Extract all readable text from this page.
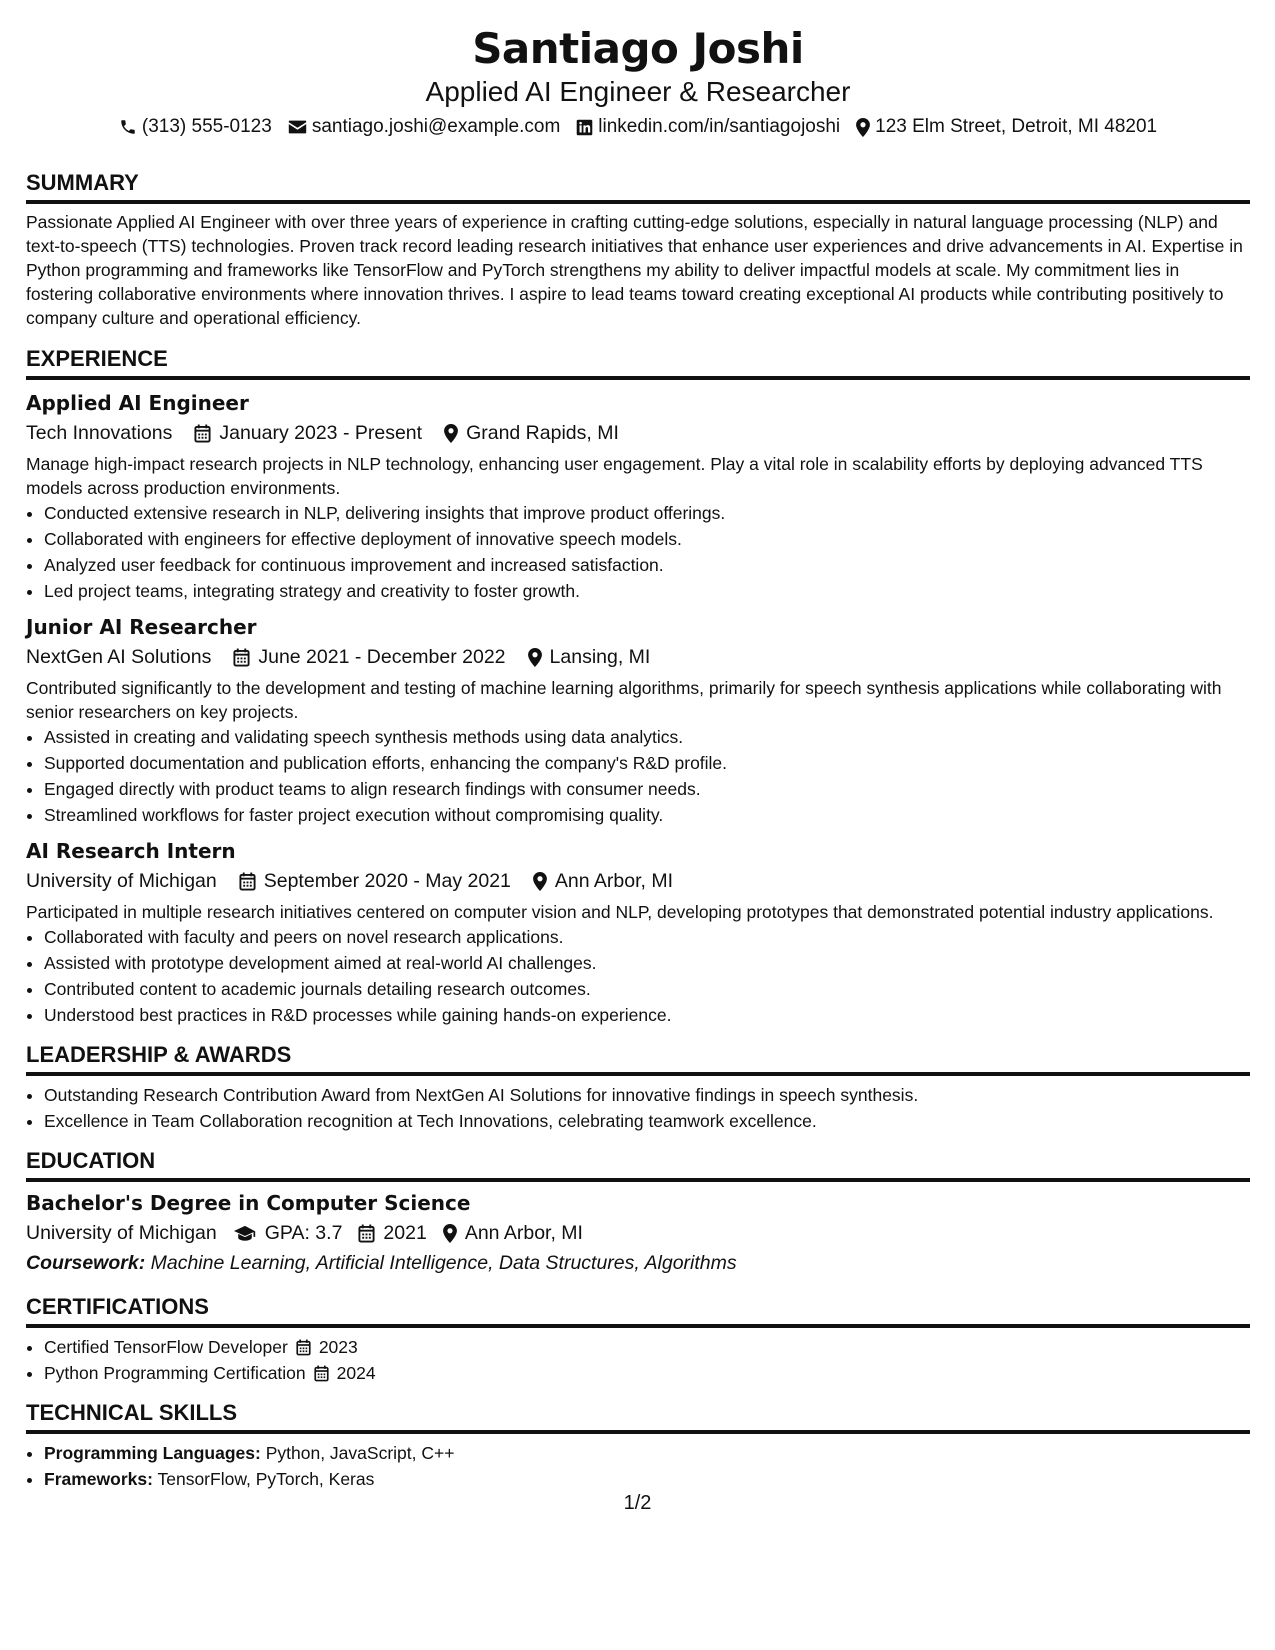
Santiago Joshi
Applied AI Engineer & Researcher
(313) 555-0123 santiago.joshi@example.com linkedin.com/in/santiagojoshi 123 Elm Street, Detroit, MI 48201
SUMMARY
Passionate Applied AI Engineer with over three years of experience in crafting cutting-edge solutions, especially in natural language processing (NLP) and text-to-speech (TTS) technologies. Proven track record leading research initiatives that enhance user experiences and drive advancements in AI. Expertise in Python programming and frameworks like TensorFlow and PyTorch strengthens my ability to deliver impactful models at scale. My commitment lies in fostering collaborative environments where innovation thrives. I aspire to lead teams toward creating exceptional AI products while contributing positively to company culture and operational efficiency.
EXPERIENCE
Applied AI Engineer
Tech Innovations January 2023 - Present Grand Rapids, MI
Manage high-impact research projects in NLP technology, enhancing user engagement. Play a vital role in scalability efforts by deploying advanced TTS models across production environments.
• Conducted extensive research in NLP, delivering insights that improve product offerings.
• Collaborated with engineers for effective deployment of innovative speech models.
• Analyzed user feedback for continuous improvement and increased satisfaction.
• Led project teams, integrating strategy and creativity to foster growth.
Junior AI Researcher
NextGen AI Solutions June 2021 - December 2022 Lansing, MI
Contributed significantly to the development and testing of machine learning algorithms, primarily for speech synthesis applications while collaborating with senior researchers on key projects.
• Assisted in creating and validating speech synthesis methods using data analytics.
• Supported documentation and publication efforts, enhancing the company's R&D profile.
• Engaged directly with product teams to align research findings with consumer needs.
• Streamlined workflows for faster project execution without compromising quality.
AI Research Intern
University of Michigan September 2020 - May 2021 Ann Arbor, MI
Participated in multiple research initiatives centered on computer vision and NLP, developing prototypes that demonstrated potential industry applications.
• Collaborated with faculty and peers on novel research applications.
• Assisted with prototype development aimed at real-world AI challenges.
• Contributed content to academic journals detailing research outcomes.
• Understood best practices in R&D processes while gaining hands-on experience.
LEADERSHIP & AWARDS
• Outstanding Research Contribution Award from NextGen AI Solutions for innovative findings in speech synthesis.
• Excellence in Team Collaboration recognition at Tech Innovations, celebrating teamwork excellence.
EDUCATION
Bachelor's Degree in Computer Science
University of Michigan GPA: 3.7 2021 Ann Arbor, MI
Coursework: Machine Learning, Artificial Intelligence, Data Structures, Algorithms
CERTIFICATIONS
• Certified TensorFlow Developer 2023
• Python Programming Certification 2024
TECHNICAL SKILLS
• Programming Languages: Python, JavaScript, C++
• Frameworks: TensorFlow, PyTorch, Keras
1/2
